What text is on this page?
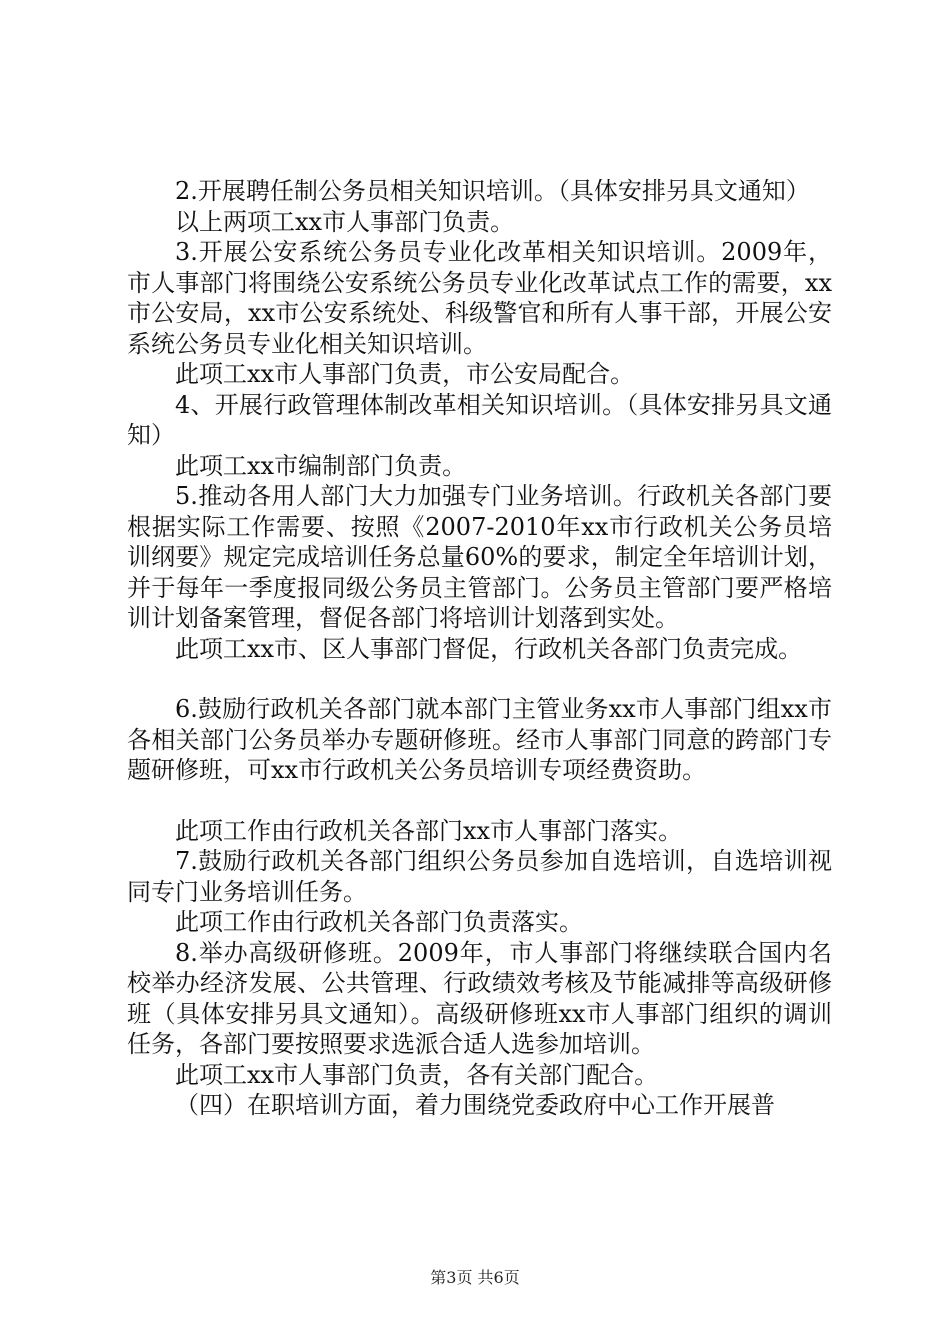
2.开展聘任制公务员相关知识培训。（具体安排另具文通知）

以上两项工xx市人事部门负责。

3.开展公安系统公务员专业化改革相关知识培训。2009年，市人事部门将围绕公安系统公务员专业化改革试点工作的需要，xx市公安局，xx市公安系统处、科级警官和所有人事干部，开展公安系统公务员专业化相关知识培训。

此项工xx市人事部门负责，市公安局配合。

4、开展行政管理体制改革相关知识培训。（具体安排另具文通知）

此项工xx市编制部门负责。

5.推动各用人部门大力加强专门业务培训。行政机关各部门要根据实际工作需要、按照《2007-2010年xx市行政机关公务员培训纲要》规定完成培训任务总量60%的要求，制定全年培训计划，并于每年一季度报同级公务员主管部门。公务员主管部门要严格培训计划备案管理，督促各部门将培训计划落到实处。

此项工xx市、区人事部门督促，行政机关各部门负责完成。

6.鼓励行政机关各部门就本部门主管业务xx市人事部门组xx市各相关部门公务员举办专题研修班。经市人事部门同意的跨部门专题研修班，可xx市行政机关公务员培训专项经费资助。

此项工作由行政机关各部门xx市人事部门落实。

7.鼓励行政机关各部门组织公务员参加自选培训，自选培训视同专门业务培训任务。

此项工作由行政机关各部门负责落实。

8.举办高级研修班。2009年，市人事部门将继续联合国内名校举办经济发展、公共管理、行政绩效考核及节能减排等高级研修班（具体安排另具文通知）。高级研修班xx市人事部门组织的调训任务，各部门要按照要求选派合适人选参加培训。

此项工xx市人事部门负责，各有关部门配合。

（四）在职培训方面，着力围绕党委政府中心工作开展普

第3页 共6页
